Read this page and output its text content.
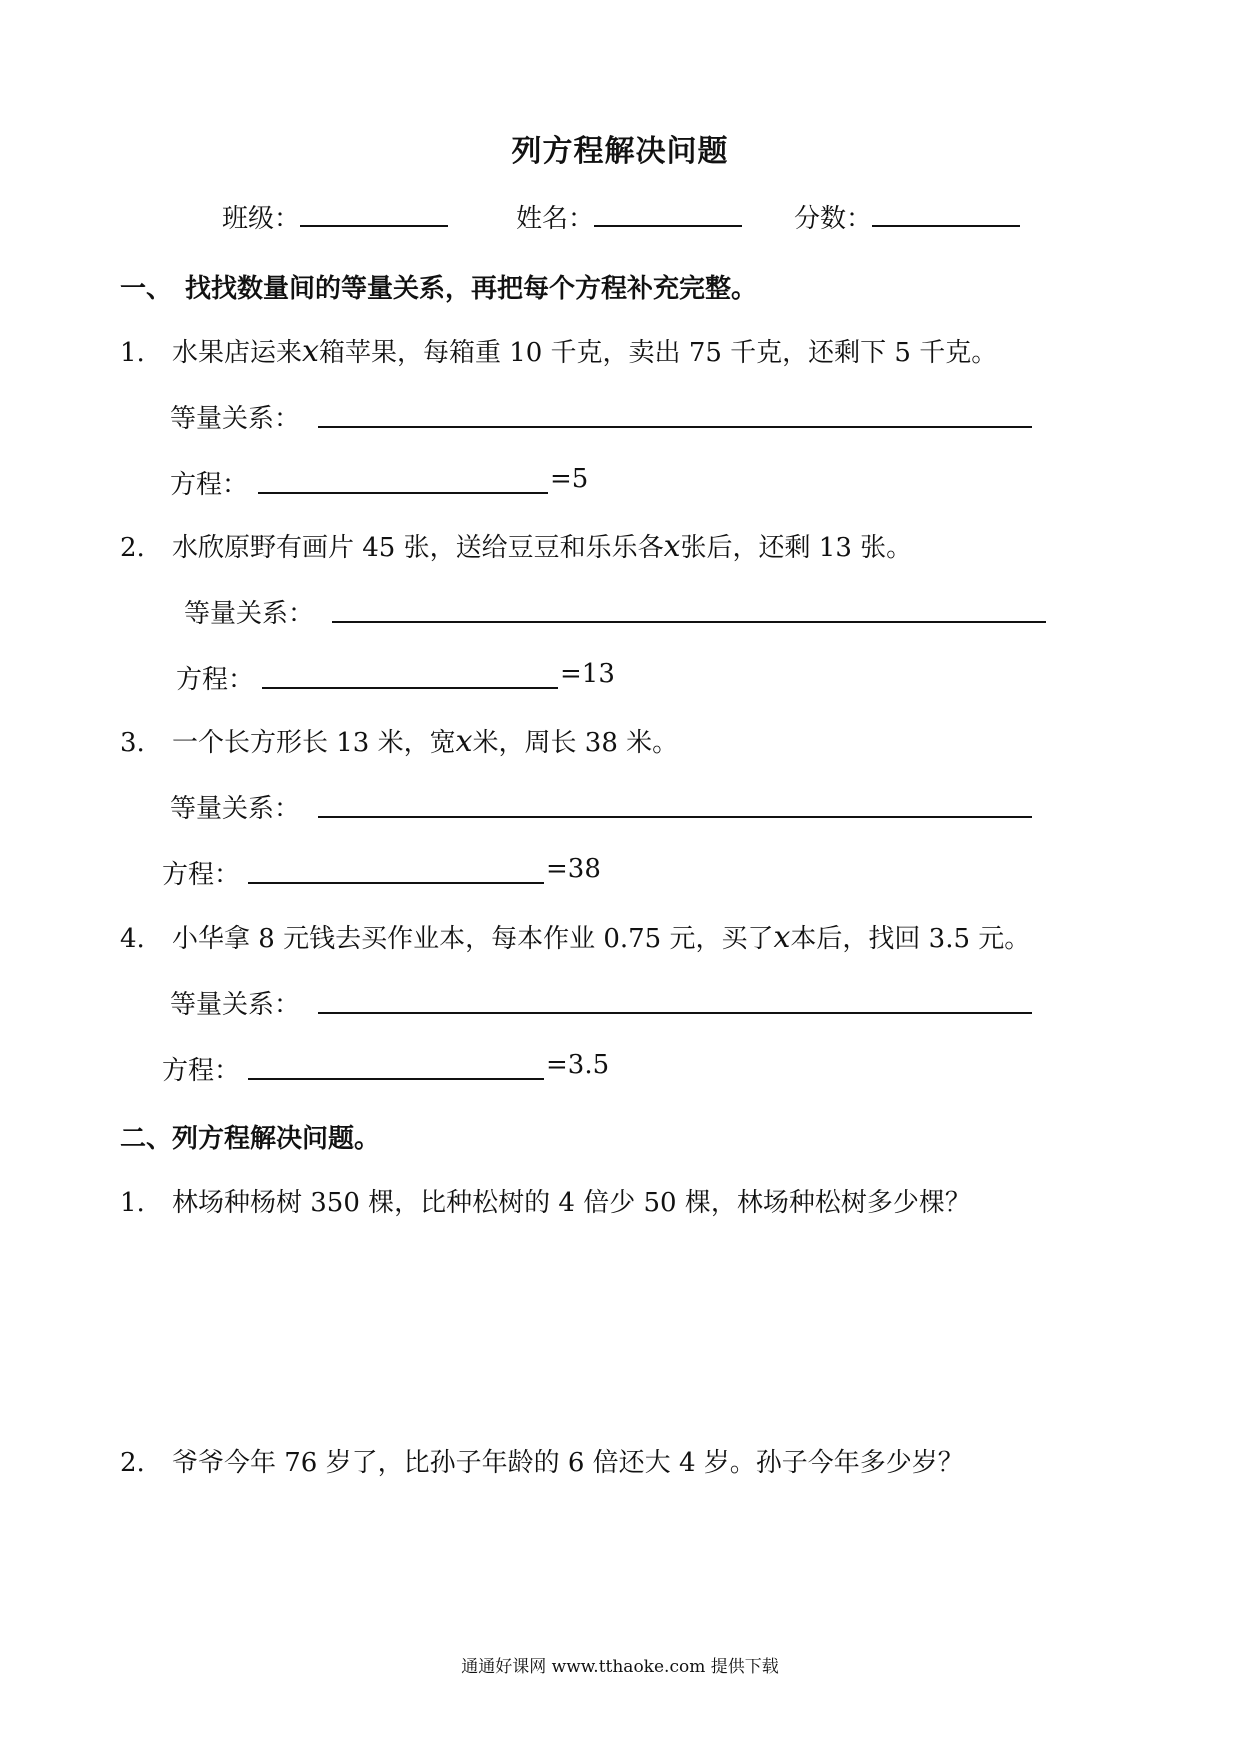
列方程解决问题
班级：	姓名：	分数：
一、　找找数量间的等量关系，再把每个方程补充完整。
1. 水果店运来x箱苹果，每箱重 10 千克，卖出 75 千克，还剩下 5 千克。
等量关系：
方程：	=5
2. 水欣原野有画片 45 张，送给豆豆和乐乐各x张后，还剩 13 张。
等量关系：
方程：	=13
3. 一个长方形长 13 米，宽x米，周长 38 米。
等量关系：
方程：	=38
4. 小华拿 8 元钱去买作业本，每本作业 0.75 元，买了x本后，找回 3.5 元。
等量关系：
方程：	=3.5
二、列方程解决问题。
1. 林场种杨树 350 棵，比种松树的 4 倍少 50 棵，林场种松树多少棵？
2. 爷爷今年 76 岁了，比孙子年龄的 6 倍还大 4 岁。孙子今年多少岁？
通通好课网 www.tthaoke.com 提供下载
